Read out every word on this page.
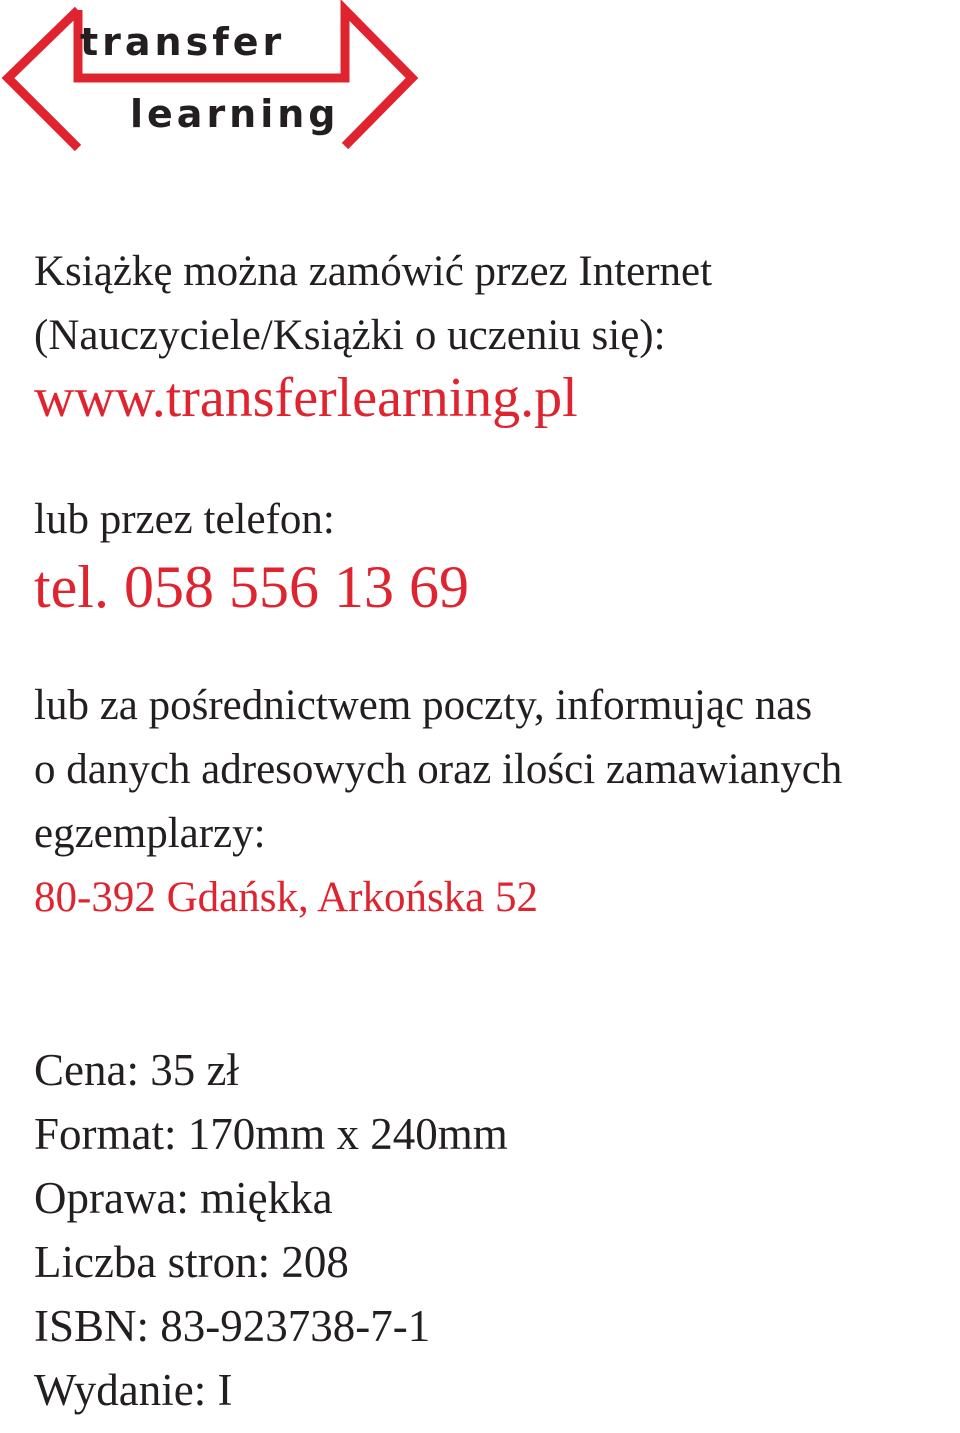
transfer
learning
Książkę można zamówić przez Internet
(Nauczyciele/Książki o uczeniu się):
www.transferlearning.pl
lub przez telefon:
tel. 058 556 13 69
lub za pośrednictwem poczty, informując nas
o danych adresowych oraz ilości zamawianych
egzemplarzy:
80-392 Gdańsk, Arkońska 52
Cena: 35 zł
Format: 170mm x 240mm
Oprawa: miękka
Liczba stron: 208
ISBN: 83-923738-7-1
Wydanie: I
